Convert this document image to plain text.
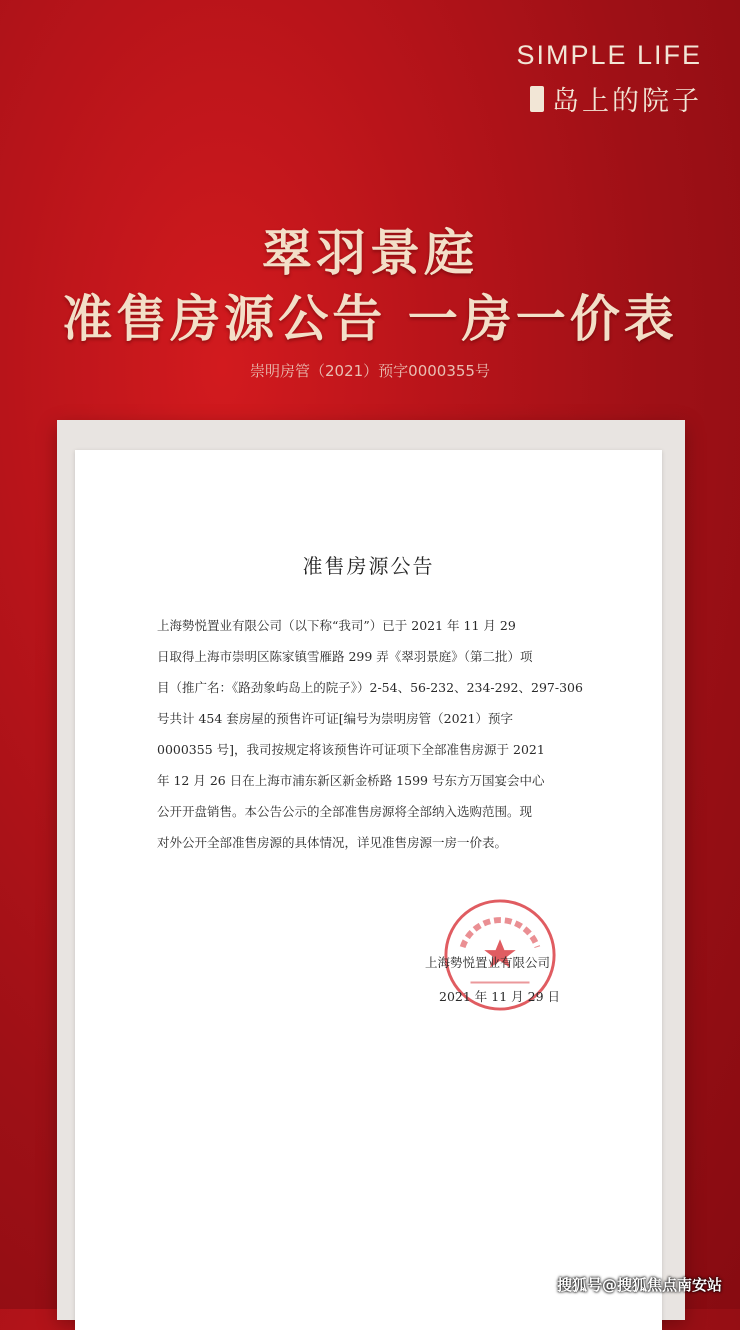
SIMPLE LIFE
岛上的院子
翠羽景庭
准售房源公告 一房一价表
崇明房管（2021）预字0000355号
准售房源公告
上海勢悦置业有限公司（以下称“我司”）已于 2021 年 11 月 29
日取得上海市崇明区陈家镇雪雁路 299 弄《翠羽景庭》（第二批）项
目（推广名：《路劲象屿岛上的院子》）2-54、56-232、234-292、297-306
号共计 454 套房屋的预售许可证[编号为崇明房管（2021）预字
0000355 号]，我司按规定将该预售许可证项下全部准售房源于 2021
年 12 月 26 日在上海市浦东新区新金桥路 1599 号东方万国宴会中心
公开开盘销售。本公告公示的全部准售房源将全部纳入选购范围。现
对外公开全部准售房源的具体情况，详见准售房源一房一价表。
上海勢悦置业有限公司
2021 年 11 月 29 日
搜狐号@搜狐焦点南安站
